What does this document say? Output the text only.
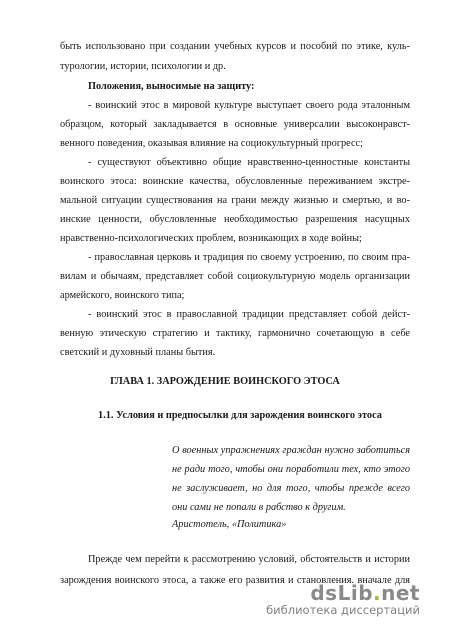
быть использовано при создании учебных курсов и пособий по этике, куль-
турологии, истории, психологии и др.
Положения, выносимые на защиту:
- воинский этос в мировой культуре выступает своего рода эталонным
образцом, который закладывается в основные универсалии высоконравст-
венного поведения, оказывая влияние на социокультурный прогресс;
- существуют объективно общие нравственно-ценностные константы
воинского этоса: воинские качества, обусловленные переживанием экстре-
мальной ситуации существования на грани между жизнью и смертью, и во-
инские ценности, обусловленные необходимостью разрешения насущных
нравственно-психологических проблем, возникающих в ходе войны;
- православная церковь и традиция по своему устроению, по своим пра-
вилам и обычаям, представляет собой социокультурную модель организации
армейского, воинского типа;
- воинский этос в православной традиции представляет собой дейст-
венную этическую стратегию и тактику, гармонично сочетающую в себе
светский и духовный планы бытия.
ГЛАВА 1. ЗАРОЖДЕНИЕ ВОИНСКОГО ЭТОСА
1.1. Условия и предпосылки для зарождения воинского этоса
О военных упражнениях граждан нужно заботиться
не ради того, чтобы они поработили тех, кто этого
не заслуживает, но для того, чтобы прежде всего
они сами не попали в рабство к другим.
Аристотель, «Политика»
Прежде чем перейти к рассмотрению условий, обстоятельств и истории
зарождения воинского этоса, а также его развития и становления. вначале для
dsLib.net
библиотека диссертаций
